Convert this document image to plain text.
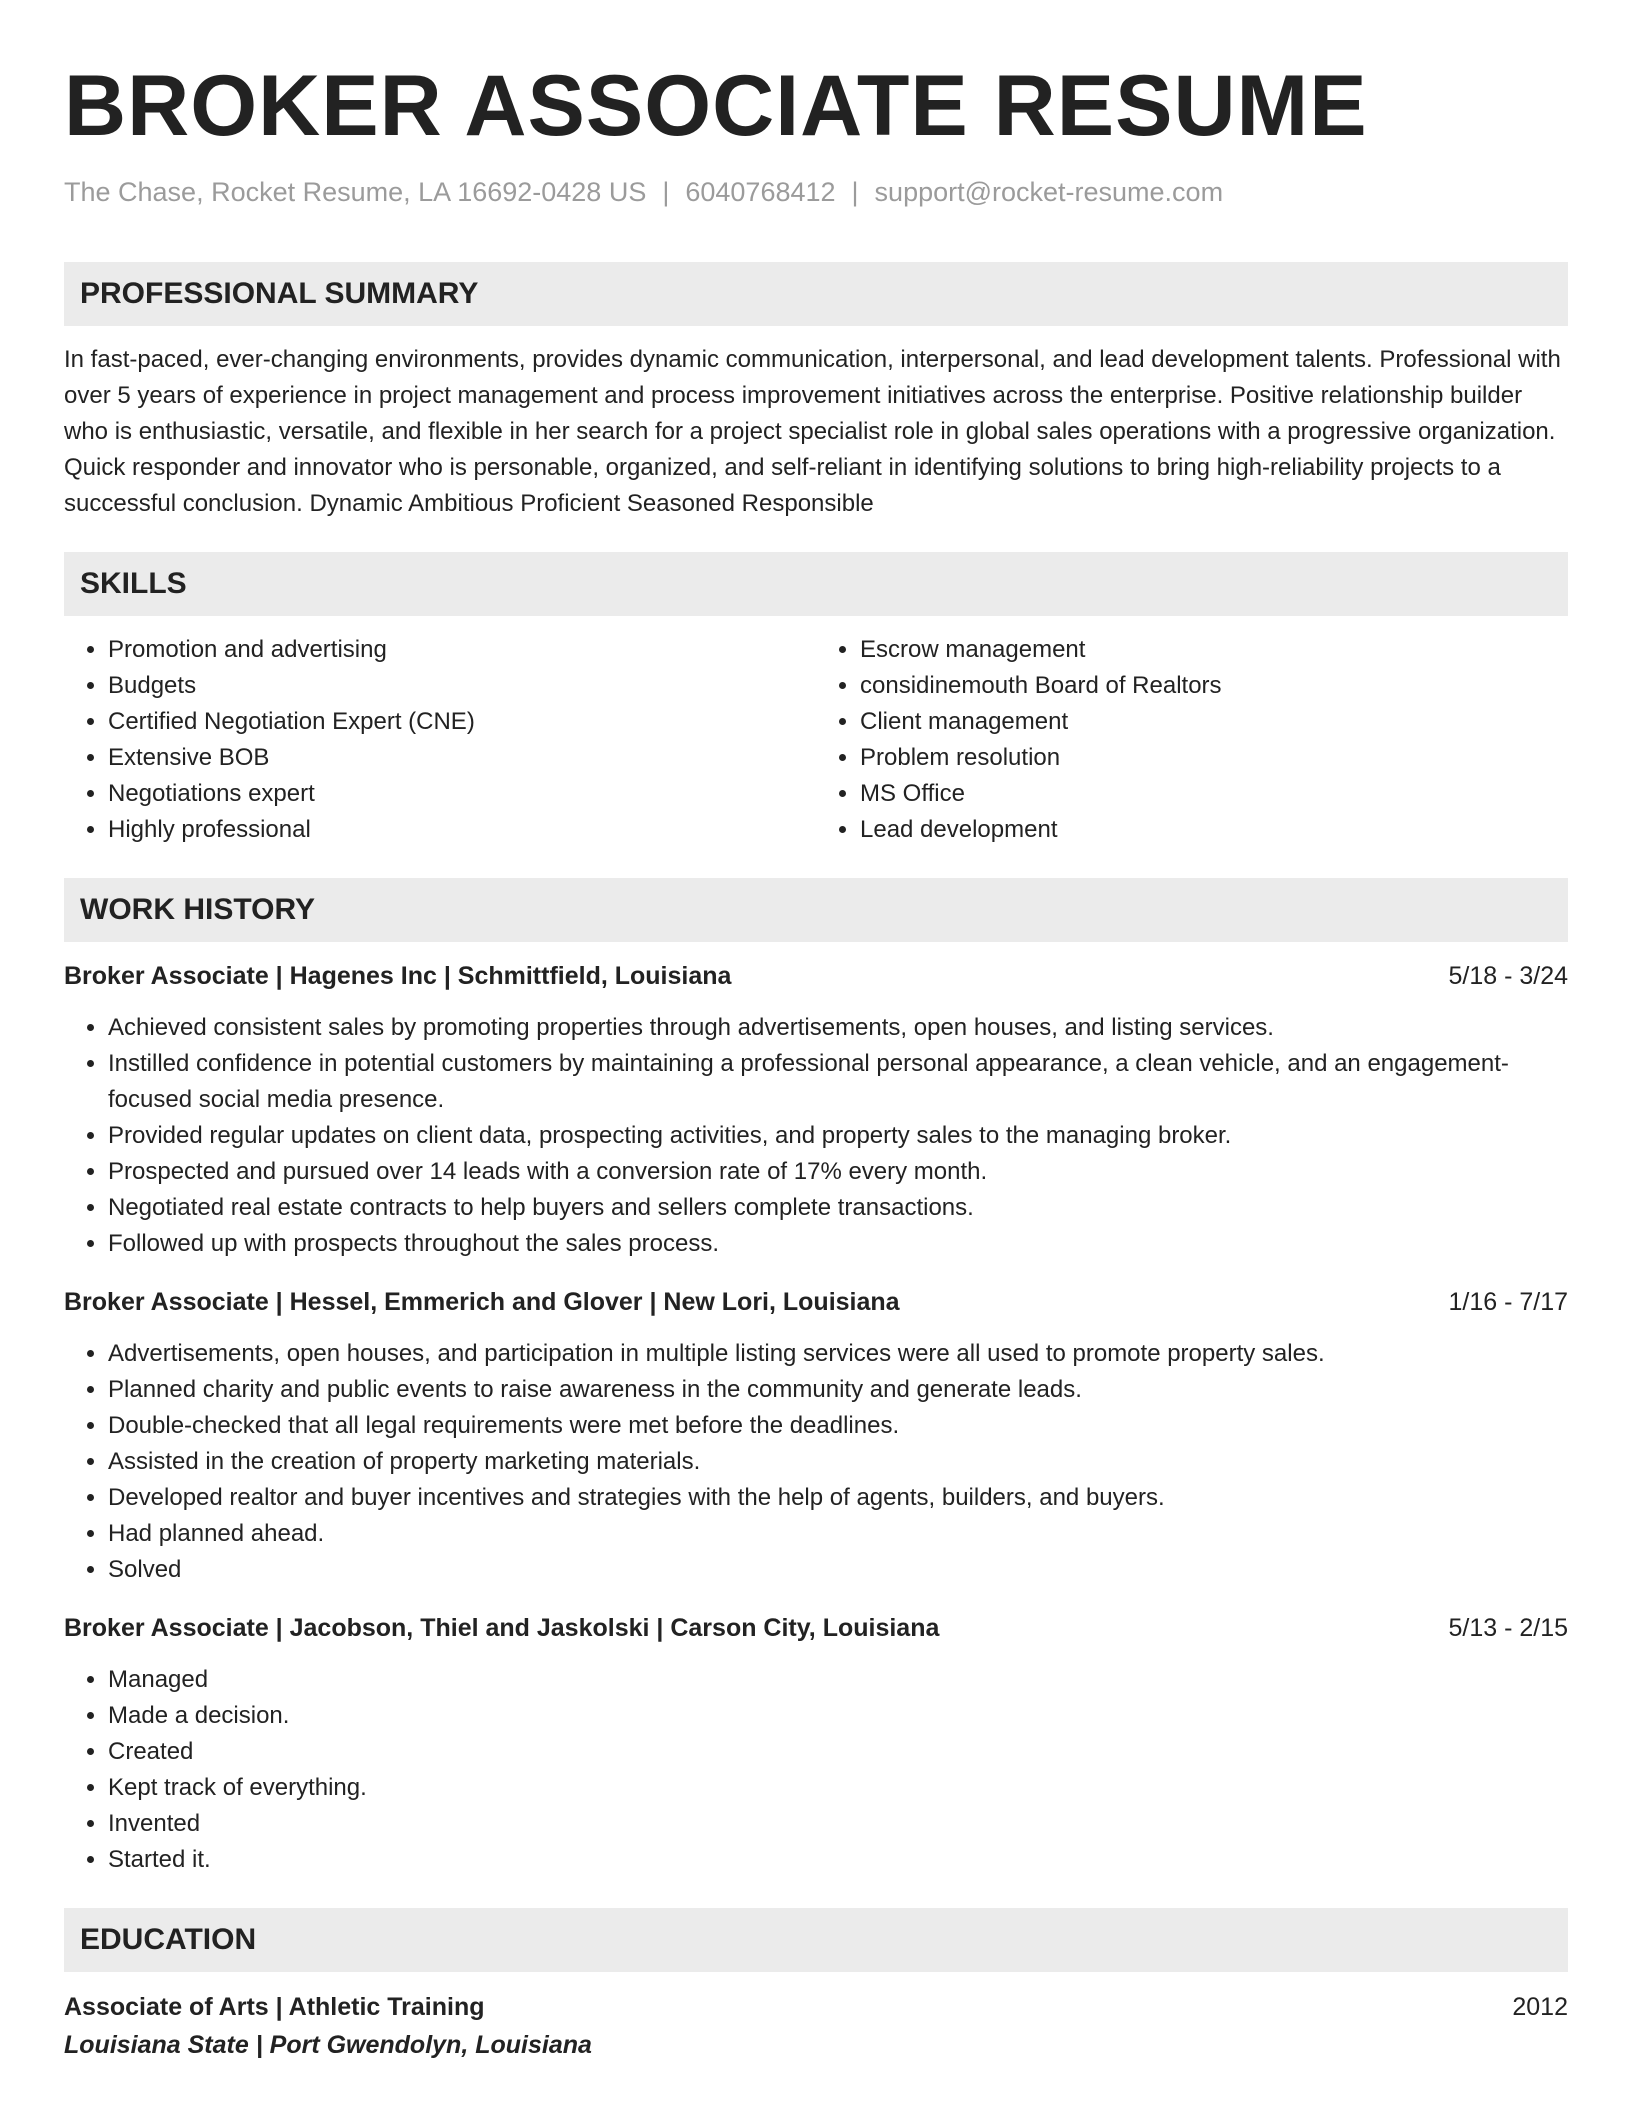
BROKER ASSOCIATE RESUME
The Chase, Rocket Resume, LA 16692-0428 US | 6040768412 | support@rocket-resume.com
PROFESSIONAL SUMMARY
In fast-paced, ever-changing environments, provides dynamic communication, interpersonal, and lead development talents. Professional with over 5 years of experience in project management and process improvement initiatives across the enterprise. Positive relationship builder who is enthusiastic, versatile, and flexible in her search for a project specialist role in global sales operations with a progressive organization. Quick responder and innovator who is personable, organized, and self-reliant in identifying solutions to bring high-reliability projects to a successful conclusion. Dynamic Ambitious Proficient Seasoned Responsible
SKILLS
• Promotion and advertising
• Budgets
• Certified Negotiation Expert (CNE)
• Extensive BOB
• Negotiations expert
• Highly professional
• Escrow management
• considinemouth Board of Realtors
• Client management
• Problem resolution
• MS Office
• Lead development
WORK HISTORY
Broker Associate | Hagenes Inc | Schmittfield, Louisiana	5/18 - 3/24
• Achieved consistent sales by promoting properties through advertisements, open houses, and listing services.
• Instilled confidence in potential customers by maintaining a professional personal appearance, a clean vehicle, and an engagement-focused social media presence.
• Provided regular updates on client data, prospecting activities, and property sales to the managing broker.
• Prospected and pursued over 14 leads with a conversion rate of 17% every month.
• Negotiated real estate contracts to help buyers and sellers complete transactions.
• Followed up with prospects throughout the sales process.
Broker Associate | Hessel, Emmerich and Glover | New Lori, Louisiana	1/16 - 7/17
• Advertisements, open houses, and participation in multiple listing services were all used to promote property sales.
• Planned charity and public events to raise awareness in the community and generate leads.
• Double-checked that all legal requirements were met before the deadlines.
• Assisted in the creation of property marketing materials.
• Developed realtor and buyer incentives and strategies with the help of agents, builders, and buyers.
• Had planned ahead.
• Solved
Broker Associate | Jacobson, Thiel and Jaskolski | Carson City, Louisiana	5/13 - 2/15
• Managed
• Made a decision.
• Created
• Kept track of everything.
• Invented
• Started it.
EDUCATION
Associate of Arts | Athletic Training	2012
Louisiana State | Port Gwendolyn, Louisiana
